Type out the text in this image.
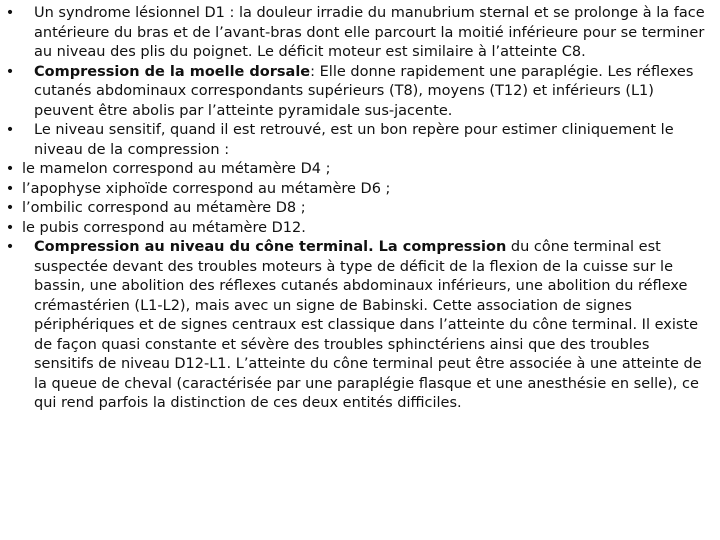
• Un syndrome lésionnel D1 : la douleur irradie du manubrium sternal et se prolonge à la face antérieure du bras et de l’avant-bras dont elle parcourt la moitié inférieure pour se terminer au niveau des plis du poignet. Le déficit moteur est similaire à l’atteinte C8.
• Compression de la moelle dorsale: Elle donne rapidement une paraplégie. Les réflexes cutanés abdominaux correspondants supérieurs (T8), moyens (T12) et inférieurs (L1) peuvent être abolis par l’atteinte pyramidale sus-jacente.
• Le niveau sensitif, quand il est retrouvé, est un bon repère pour estimer cliniquement le niveau de la compression :
• le mamelon correspond au métamère D4 ;
• l’apophyse xiphoïde correspond au métamère D6 ;
• l’ombilic correspond au métamère D8 ;
• le pubis correspond au métamère D12.
• Compression au niveau du cône terminal. La compression du cône terminal est suspectée devant des troubles moteurs à type de déficit de la flexion de la cuisse sur le bassin, une abolition des réflexes cutanés abdominaux inférieurs, une abolition du réflexe crémastérien (L1-L2), mais avec un signe de Babinski. Cette association de signes périphériques et de signes centraux est classique dans l’atteinte du cône terminal. Il existe de façon quasi constante et sévère des troubles sphinctériens ainsi que des troubles sensitifs de niveau D12-L1. L’atteinte du cône terminal peut être associée à une atteinte de la queue de cheval (caractérisée par une paraplégie flasque et une anesthésie en selle), ce qui rend parfois la distinction de ces deux entités difficiles.
